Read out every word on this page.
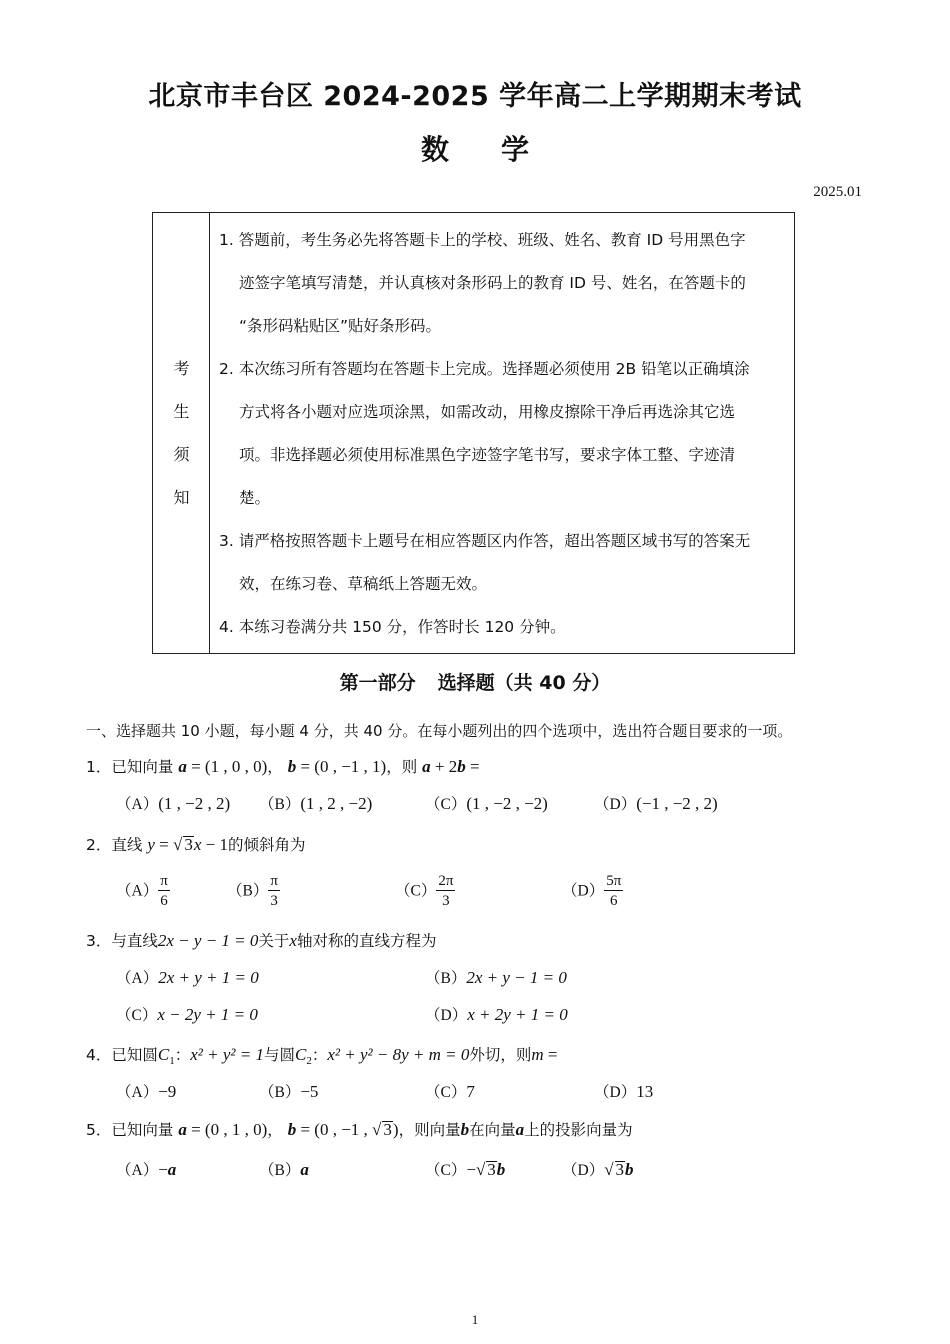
北京市丰台区 2024-2025 学年高二上学期期末考试
数 学
2025.01
考
生
须
知
1. 答题前，考生务必先将答题卡上的学校、班级、姓名、教育 ID 号用黑色字
迹签字笔填写清楚，并认真核对条形码上的教育 ID 号、姓名，在答题卡的
“条形码粘贴区”贴好条形码。
2. 本次练习所有答题均在答题卡上完成。选择题必须使用 2B 铅笔以正确填涂
方式将各小题对应选项涂黑，如需改动，用橡皮擦除干净后再选涂其它选
项。非选择题必须使用标准黑色字迹签字笔书写，要求字体工整、字迹清
楚。
3. 请严格按照答题卡上题号在相应答题区内作答，超出答题区域书写的答案无
效，在练习卷、草稿纸上答题无效。
4. 本练习卷满分共 150 分，作答时长 120 分钟。
第一部分 选择题（共 40 分）
一、选择题共 10 小题，每小题 4 分，共 40 分。在每小题列出的四个选项中，选出符合题目要求的一项。
1．已知向量 a = (1 , 0 , 0)， b = (0 , −1 , 1)，则 a + 2b =
（A）(1 , −2 , 2) （B）(1 , 2 , −2)	（C）(1 , −2 , −2)	（D）(−1 , −2 , 2)
2．直线 y = √ 3x − 1的倾斜角为
$(A) \frac{\pi}{6}$	$(B) \frac{\pi}{3}$	$(C) \frac{2\pi}{3}$	$(D) \frac{5\pi}{6}$
3．与直线2x − y − 1 = 0关于x轴对称的直线方程为
（A）2x + y + 1 = 0	（B）2x + y − 1 = 0
（C）x − 2y + 1 = 0	（D）x + 2y + 1 = 0
4．已知圆$C_1$：x² + y² = 1与圆$C_2$：x² + y² − 8y + m = 0外切，则m =
（A）−9	（B）−5	（C）7	（D）13
5．已知向量 a = (0 , 1 , 0)， b = (0 , −1 , √ 3)，则向量b在向量a上的投影向量为
（A）−a	（B）a	（C）−√ 3b	（D）√ 3b
1
